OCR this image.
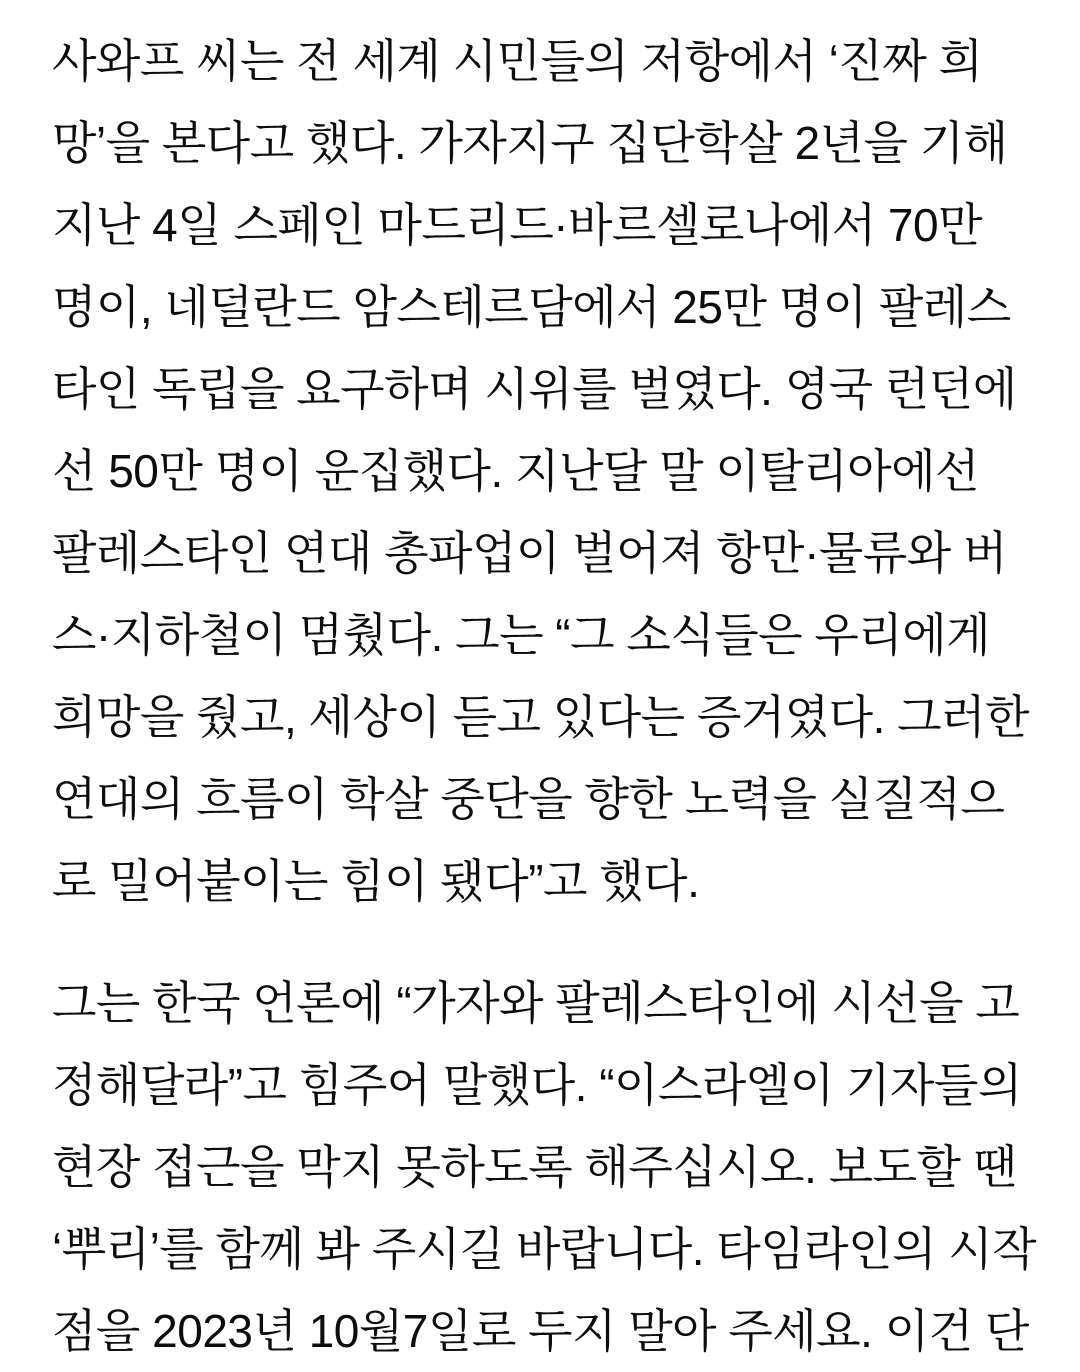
사와프 씨는 전 세계 시민들의 저항에서 ‘진짜 희
망’을 본다고 했다. 가자지구 집단학살 2년을 기해
지난 4일 스페인 마드리드·바르셀로나에서 70만
명이, 네덜란드 암스테르담에서 25만 명이 팔레스
타인 독립을 요구하며 시위를 벌였다. 영국 런던에
선 50만 명이 운집했다. 지난달 말 이탈리아에선
팔레스타인 연대 총파업이 벌어져 항만·물류와 버
스·지하철이 멈췄다. 그는 “그 소식들은 우리에게
희망을 줬고, 세상이 듣고 있다는 증거였다. 그러한
연대의 흐름이 학살 중단을 향한 노력을 실질적으
로 밀어붙이는 힘이 됐다”고 했다.
그는 한국 언론에 “가자와 팔레스타인에 시선을 고
정해달라”고 힘주어 말했다. “이스라엘이 기자들의
현장 접근을 막지 못하도록 해주십시오. 보도할 땐
‘뿌리’를 함께 봐 주시길 바랍니다. 타임라인의 시작
점을 2023년 10월7일로 두지 말아 주세요. 이건 단
